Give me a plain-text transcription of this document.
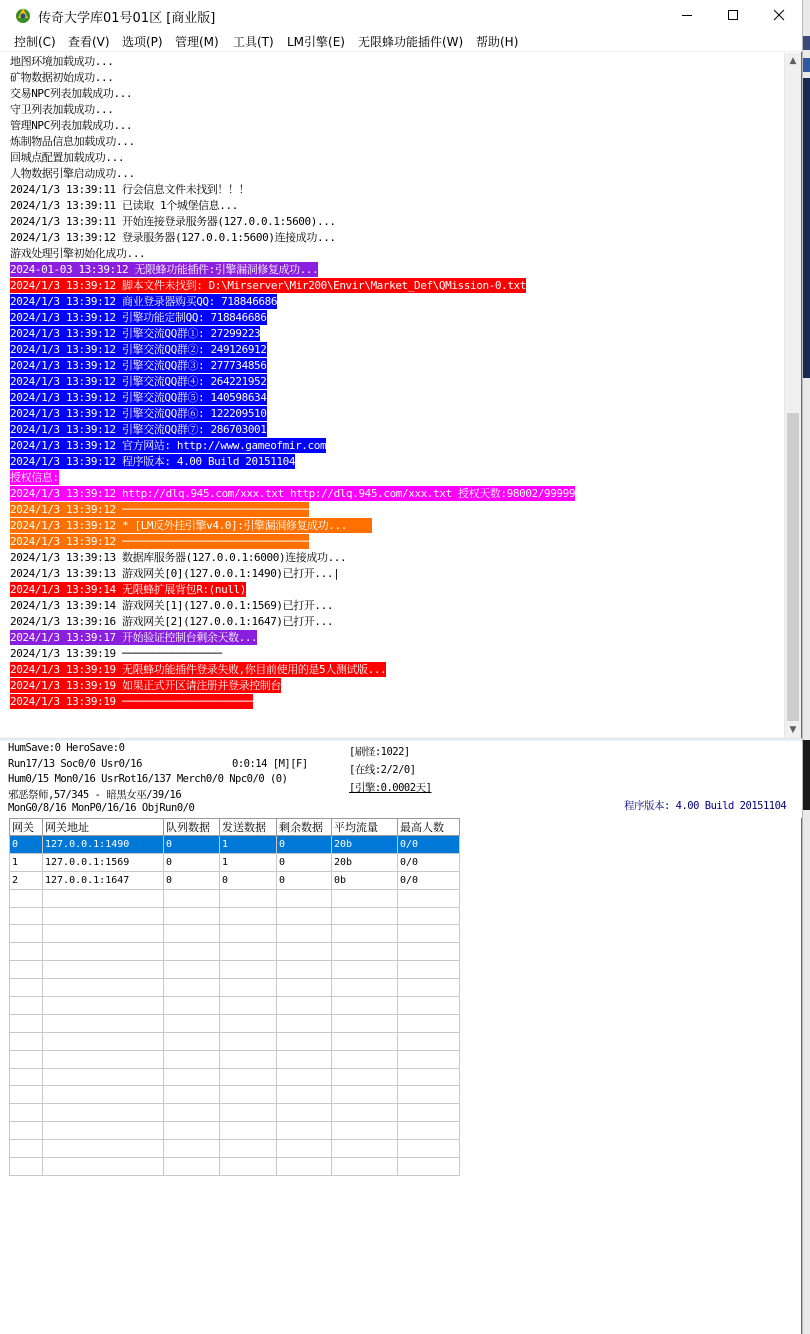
传奇大学库01号01区 [商业版]
控制(C) 查看(V) 选项(P) 管理(M) 工具(T) LM引擎(E) 无限蜂功能插件(W) 帮助(H)
地图环境加载成功...
矿物数据初始成功...
交易NPC列表加载成功...
守卫列表加载成功...
管理NPC列表加载成功...
炼制物品信息加载成功...
回城点配置加载成功...
人物数据引擎启动成功...
2024/1/3 13:39:11 行会信息文件未找到！！！
2024/1/3 13:39:11 已读取 1个城堡信息...
2024/1/3 13:39:11 开始连接登录服务器(127.0.0.1:5600)...
2024/1/3 13:39:12 登录服务器(127.0.0.1:5600)连接成功...
游戏处理引擎初始化成功...
2024-01-03 13:39:12 无限蜂功能插件:引擎漏洞修复成功...
2024/1/3 13:39:12 脚本文件未找到: D:\Mirserver\Mir200\Envir\Market_Def\QMission-0.txt
2024/1/3 13:39:12 商业登录器购买QQ: 718846686
2024/1/3 13:39:12 引擎功能定制QQ: 718846686
2024/1/3 13:39:12 引擎交流QQ群①: 27299223
2024/1/3 13:39:12 引擎交流QQ群②: 249126912
2024/1/3 13:39:12 引擎交流QQ群③: 277734856
2024/1/3 13:39:12 引擎交流QQ群④: 264221952
2024/1/3 13:39:12 引擎交流QQ群⑤: 140598634
2024/1/3 13:39:12 引擎交流QQ群⑥: 122209510
2024/1/3 13:39:12 引擎交流QQ群⑦: 286703001
2024/1/3 13:39:12 官方网站: http://www.gameofmir.com
2024/1/3 13:39:12 程序版本: 4.00 Build 20151104
授权信息:
2024/1/3 13:39:12 http://dlq.945.com/xxx.txt http://dlq.945.com/xxx.txt 授权天数:98002/99999
2024/1/3 13:39:12 ──────────────────────────────
2024/1/3 13:39:12 * [LM反外挂引擎v4.0]:引擎漏洞修复成功...
2024/1/3 13:39:12 ──────────────────────────────
2024/1/3 13:39:13 数据库服务器(127.0.0.1:6000)连接成功...
2024/1/3 13:39:13 游戏网关[0](127.0.0.1:1490)已打开...|
2024/1/3 13:39:14 无限蜂扩展背包R:(null)
2024/1/3 13:39:14 游戏网关[1](127.0.0.1:1569)已打开...
2024/1/3 13:39:16 游戏网关[2](127.0.0.1:1647)已打开...
2024/1/3 13:39:17 开始验证控制台剩余天数...
2024/1/3 13:39:19 ────────────────
2024/1/3 13:39:19 无限蜂功能插件登录失败,你目前使用的是5人测试版...
2024/1/3 13:39:19 如果正式开区请注册并登录控制台
2024/1/3 13:39:19 ─────────────────────
▲
▼
HumSave:0 HeroSave:0
Run17/13 Soc0/0 Usr0/16	0:0:14 [M][F]
Hum0/15 Mon0/16 UsrRot16/137 Merch0/0 Npc0/0 (0)
邪恶祭师,57/345 - 暗黑女巫/39/16
MonG0/8/16 MonP0/16/16 ObjRun0/0
[刷怪:1022]
[在线:2/2/0]
[引擎:0.0002天]
程序版本: 4.00 Build 20151104
网关	网关地址	队列数据	发送数据	剩余数据	平均流量	最高人数
0	127.0.0.1:1490	0	1	0	20b	0/0
1	127.0.0.1:1569	0	1	0	20b	0/0
2	127.0.0.1:1647	0	0	0	0b	0/0
